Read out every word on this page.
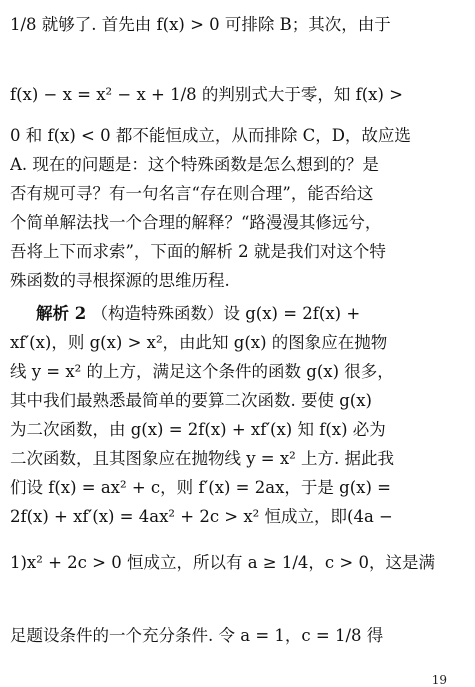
1/8 就够了. 首先由 f(x) > 0 可排除 B；其次，由于
f(x) − x = x² − x + 1/8 的判别式大于零，知 f(x) >
0 和 f(x) < 0 都不能恒成立，从而排除 C，D，故应选
A. 现在的问题是：这个特殊函数是怎么想到的？是
否有规可寻？有一句名言“存在则合理”，能否给这
个简单解法找一个合理的解释？“路漫漫其修远兮，
吾将上下而求索”，下面的解析 2 就是我们对这个特
殊函数的寻根探源的思维历程.
解析 2 （构造特殊函数）设 g(x) = 2f(x) +
xf′(x)，则 g(x) > x²，由此知 g(x) 的图象应在抛物
线 y = x² 的上方，满足这个条件的函数 g(x) 很多，
其中我们最熟悉最简单的要算二次函数. 要使 g(x)
为二次函数，由 g(x) = 2f(x) + xf′(x) 知 f(x) 必为
二次函数，且其图象应在抛物线 y = x² 上方. 据此我
们设 f(x) = ax² + c，则 f′(x) = 2ax，于是 g(x) =
2f(x) + xf′(x) = 4ax² + 2c > x² 恒成立，即(4a −
1)x² + 2c > 0 恒成立，所以有 a ≥ 1/4，c > 0，这是满
足题设条件的一个充分条件. 令 a = 1，c = 1/8 得
19
